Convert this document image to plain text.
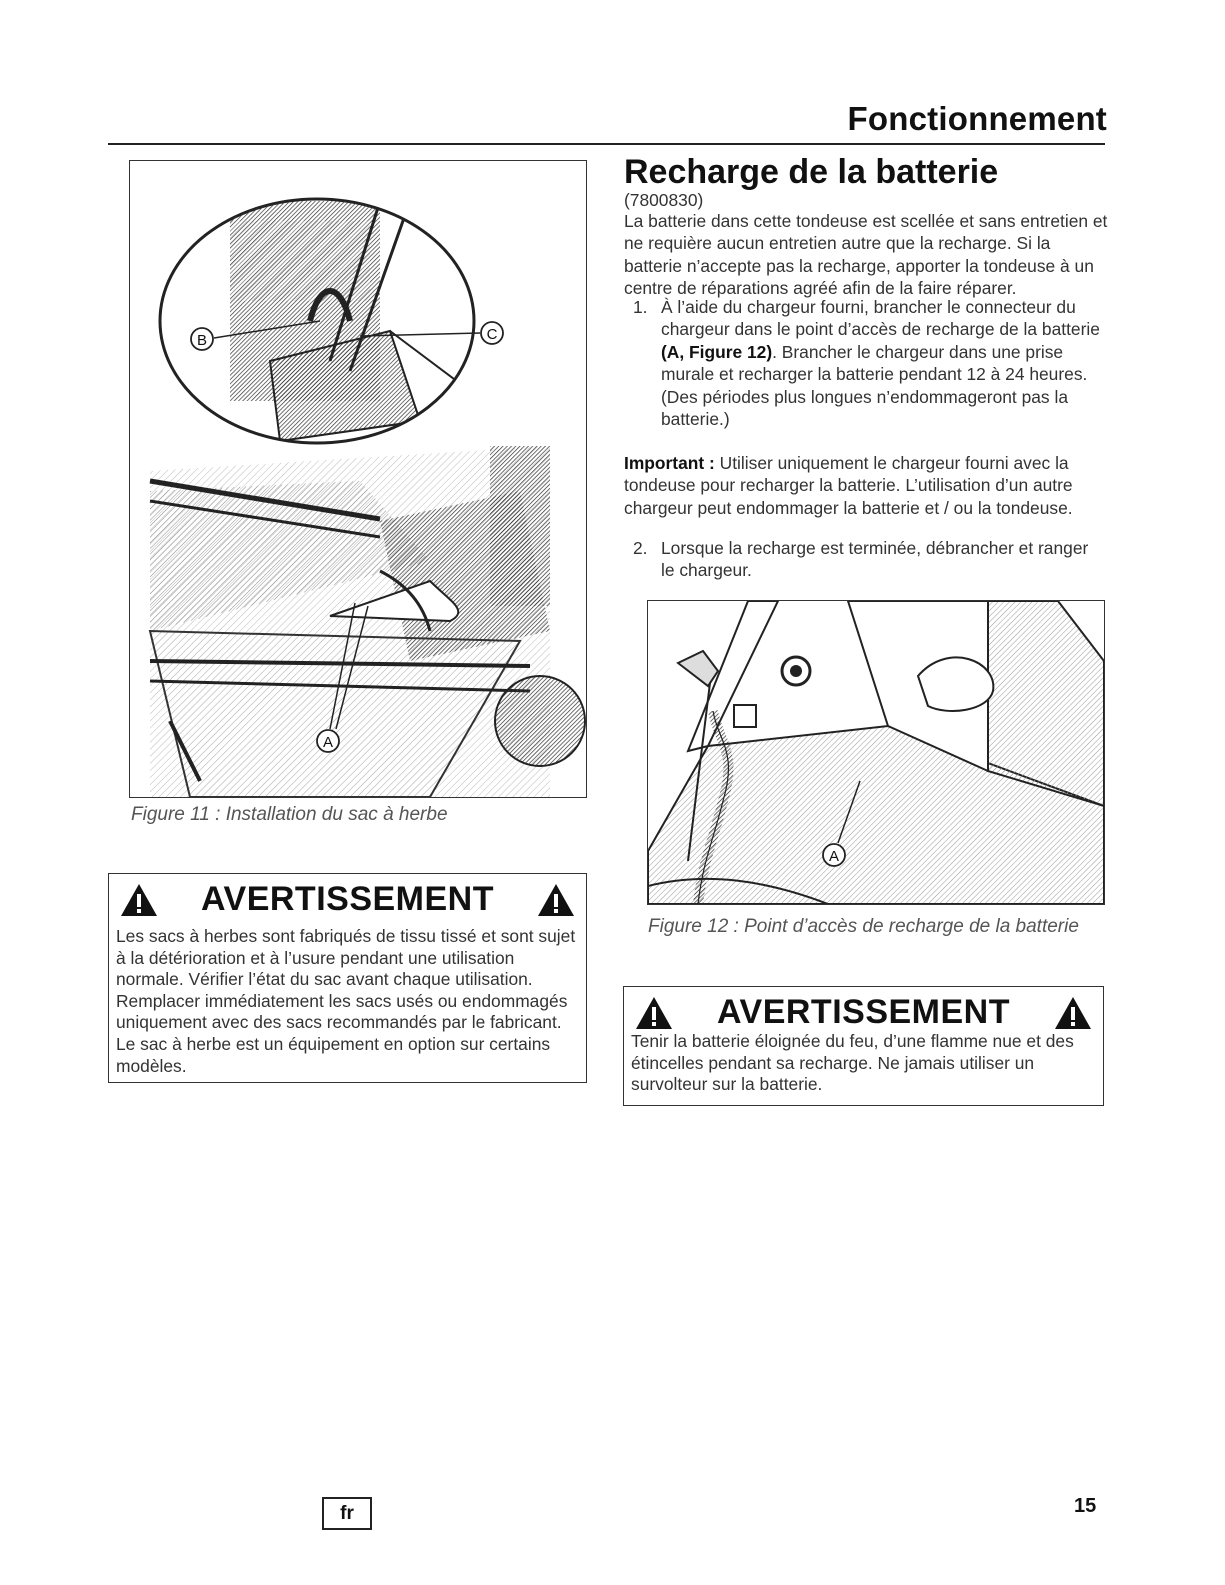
Fonctionnement
B	C
A
Figure 11 : Installation du sac à herbe
AVERTISSEMENT

Les sacs à herbes sont fabriqués de tissu tissé et sont sujet à la détérioration et à l’usure pendant une utilisation normale. Vérifier l’état du sac avant chaque utilisation. Remplacer immédiatement les sacs usés ou endommagés uniquement avec des sacs recommandés par le fabricant. Le sac à herbe est un équipement en option sur certains modèles.

Recharge de la batterie
(7800830)

La batterie dans cette tondeuse est scellée et sans entretien et ne requière aucun entretien autre que la recharge. Si la batterie n’accepte pas la recharge, apporter la tondeuse à un centre de réparations agréé afin de la faire réparer.

1. À l’aide du chargeur fourni, brancher le connecteur du chargeur dans le point d’accès de recharge de la batterie (A, Figure 12). Brancher le chargeur dans une prise murale et recharger la batterie pendant 12 à 24 heures. (Des périodes plus longues n’endommageront pas la batterie.)

Important : Utiliser uniquement le chargeur fourni avec la tondeuse pour recharger la batterie. L’utilisation d’un autre chargeur peut endommager la batterie et / ou la tondeuse.

2. Lorsque la recharge est terminée, débrancher et ranger le chargeur.
A
Figure 12 : Point d’accès de recharge de la batterie
AVERTISSEMENT

Tenir la batterie éloignée du feu, d’une flamme nue et des étincelles pendant sa recharge. Ne jamais utiliser un survolteur sur la batterie.

fr	15
